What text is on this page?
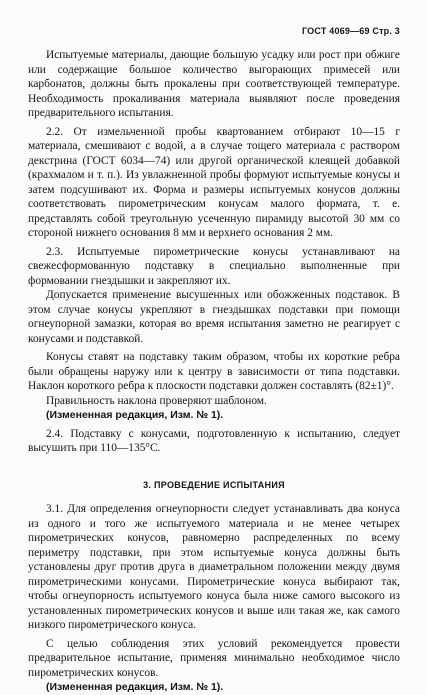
ГОСТ 4069—69 Стр. 3

Испытуемые материалы, дающие большую усадку или рост при обжиге или содержащие большое количество выгорающих примесей или карбонатов, должны быть прокалены при соответствующей температуре. Необходимость прокаливания материала выявляют после проведения предварительного испытания.

2.2. От измельченной пробы квартованием отбирают 10—15 г материала, смешивают с водой, а в случае тощего материала с раствором декстрина (ГОСТ 6034—74) или другой органической клеящей добавкой (крахмалом и т. п.). Из увлажненной пробы формуют испытуемые конусы и затем подсушивают их. Форма и размеры испытуемых конусов должны соответствовать пирометрическим конусам малого формата, т. е. представлять собой треугольную усеченную пирамиду высотой 30 мм со стороной нижнего основания 8 мм и верхнего основания 2 мм.

2.3. Испытуемые пирометрические конусы устанавливают на свежесформованную подставку в специально выполненные при формовании гнездышки и закрепляют их.

Допускается применение высушенных или обожженных подставок. В этом случае конусы укрепляют в гнездышках подставки при помощи огнеупорной замазки, которая во время испытания заметно не реагирует с конусами и подставкой.

Конусы ставят на подставку таким образом, чтобы их короткие ребра были обращены наружу или к центру в зависимости от типа подставки. Наклон короткого ребра к плоскости подставки должен составлять (82±1)°.

Правильность наклона проверяют шаблоном.

(Измененная редакция, Изм. № 1).

2.4. Подставку с конусами, подготовленную к испытанию, следует высушить при 110—135°С.

3. ПРОВЕДЕНИЕ ИСПЫТАНИЯ

3.1. Для определения огнеупорности следует устанавливать два конуса из одного и того же испытуемого материала и не менее четырех пирометрических конусов, равномерно распределенных по всему периметру подставки, при этом испытуемые конуса должны быть установлены друг против друга в диаметральном положении между двумя пирометрическими конусами. Пирометрические конуса выбирают так, чтобы огнеупорность испытуемого конуса была ниже самого высокого из установленных пирометрических конусов и выше или такая же, как самого низкого пирометрического конуса.

С целью соблюдения этих условий рекомендуется провести предварительное испытание, применяя минимально необходимое число пирометрических конусов.

(Измененная редакция, Изм. № 1).
